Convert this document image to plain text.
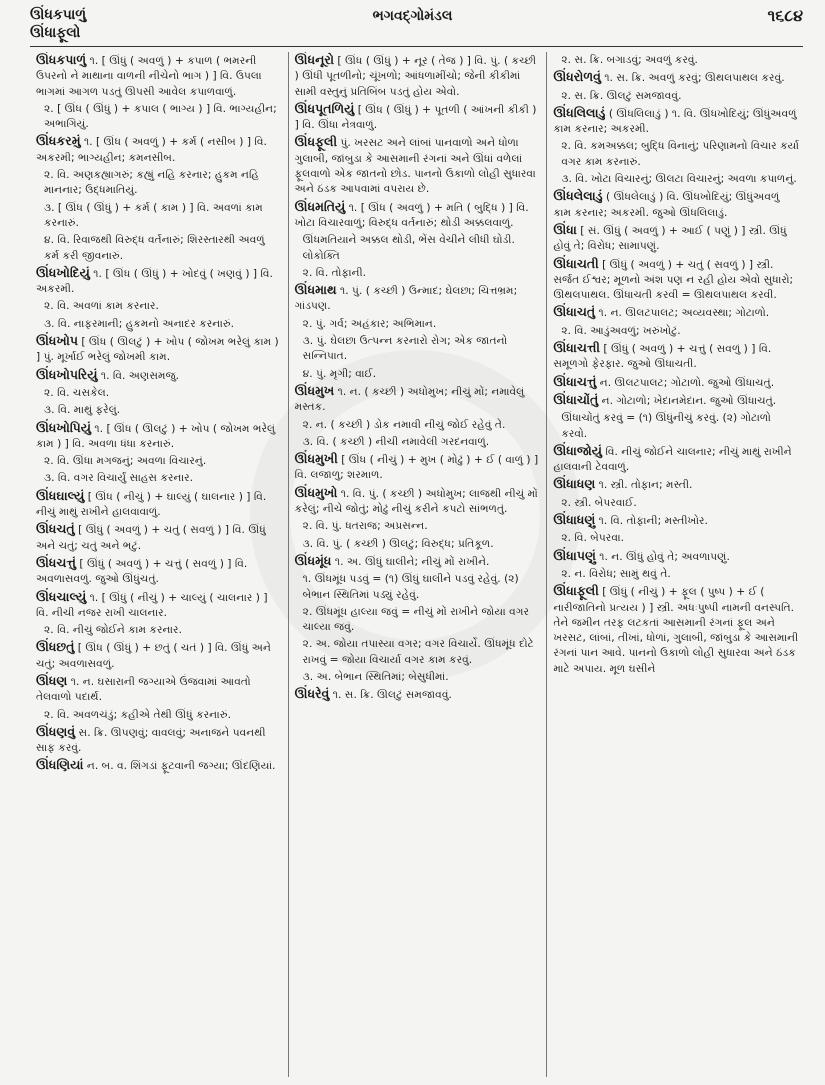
ઊંધકપાળું
ઊંધાફૂલો
ભગવદ્ગોમંડલ	૧૬૮૪
ઊંધકપાળું ૧. [ ઊંધું ( અવળું ) + કપાળ ( ભમરની ઉપરનો ને માથાના વાળની નીચેનો ભાગ ) ] વિ. ઉપલા ભાગમાં આગળ પડતું ઊપસી આવેલ કપાળવાળું.
૨. [ ઊંધ ( ઊંધું ) + કપાલ ( ભાગ્ય ) ] વિ. ભાગ્યહીન; અભાગિયું.
ઊંધકરમું ૧. [ ઊંધ ( અવળું ) + કર્મ ( નસીબ ) ] વિ. અકરમી; ભાગ્યહીન; કમનસીબ.
૨. વિ. અણકહ્યાગરું; કહ્યું નહિ કરનાર; હુકમ નહિ માનનાર; ઉદ્ધમાતિયું.
૩. [ ઊંધ ( ઊંધું ) + કર્મ ( કામ ) ] વિ. અવળાં કામ કરનારું.
૪. વિ. રિવાજથી વિરુદ્ધ વર્તનારું; શિરસ્તારથી અવળું કર્મ કરી જીવનારું.
ઊંધખોદિયું ૧. [ ઊંધ ( ઊંધું ) + ખોદવું ( ખણવું ) ] વિ. અકરમી.
૨. વિ. અવળાં કામ કરનાર.
૩. વિ. નાફરમાની; હુકમનો અનાદર કરનારું.
ઊંધખોપ [ ઊંધ ( ઊલટું ) + ખોપ ( જોખમ ભરેલું કામ ) ] પું. મૂર્ખાઈ ભરેલું જોખમી કામ.
ઊંધખોપરિયું ૧. વિ. અણસમજુ.
૨. વિ. ચસકેલ.
૩. વિ. માથું ફરેલું.
ઊંધખોપિયું ૧. [ ઊંધ ( ઊલટું ) + ખોપ ( જોખમ ભરેલું કામ ) ] વિ. અવળા ધંધા કરનારું.
૨. વિ. ઊંધા મગજનું; અવળા વિચારનું.
૩. વિ. વગર વિચાર્યું સાહસ કરનાર.
ઊંધઘાલ્યું [ ઊંધ ( નીચું ) + ઘાલ્યું ( ઘાલનાર ) ] વિ. નીચું માથું રાખીને હાલવાવાળું.
ઊંધચતું [ ઊંધું ( અવળું ) + ચતું ( સવળું ) ] વિ. ઊંધું અને ચતું; ચતું અને ભટું.
ઊંધચત્તું [ ઊંધું ( અવળું ) + ચત્તું ( સવળું ) ] વિ. અવળાસવળું. જુઓ ઊંધુંચતું.
ઊંધચાલ્યું ૧. [ ઊંધું ( નીચું ) + ચાલ્યું ( ચાલનાર ) ] વિ. નીચી નજર રાખી ચાલનાર.
૨. વિ. નીચું જોઈને કામ કરનાર.
ઊંધછતું [ ઊંધ ( ઊંધું ) + છતું ( ચતં ) ] વિ. ઊંધું અને ચતું; અવળાસવળું.
ઊંધણ ૧. ન. ઘસારાની જગ્યાએ ઉંજવામાં આવતો તેલવાળો પદાર્થ.
૨. વિ. અવળચંડું; કહીએ તેથી ઊંધું કરનારું.
ઊંધણવું સ. ક્રિ. ઊપણવું; વાવલવું; અનાજને પવનથી સાફ કરવું.
ઊંધણિયાં ન. બ. વ. શિંગડાં ફૂટવાની જગ્યા; ઊંદણિયાં.
ઊંધનૂરો [ ઊંધ ( ઊંધું ) + નૂર ( તેજ ) ] વિ. પું. ( કચ્છી ) ઊંધી પૂતળીનો; ચૂંખળો; આંધળામીંચો; જેની કીકીમાં સામી વસ્તુનું પ્રતિબિંબ પડતું હોય એવો.
ઊંધપૂતળિયું [ ઊંધ ( ઊંધું ) + પૂતળી ( આંખની કીકી ) ] વિ. ઊંધા નેત્રવાળું.
ઊંધફૂલી પું. ખરસટ અને લાંબાં પાનવાળો અને ધોળા ગુલાબી, જાંબુડા કે આસમાની રંગનાં અને ઊંધાં વળેલાં ફૂલવાળો એક જાતનો છોડ. પાનનો ઉકાળો લોહી સુધારવા અને ઠંડક આપવામાં વપરાય છે.
ઊંધમતિયું ૧. [ ઊંધ ( અવળું ) + મતિ ( બુદ્ધિ ) ] વિ. ખોટા વિચારવાળું; વિરુદ્ધ વર્તનારું; થોડી અક્કલવાળું.
ઊંધમતિયાને અક્કલ થોડી, ભેંસ વેચીને લીધી ઘોડી. લોકોક્તિ
૨. વિ. તોફાની.
ઊંધમાથ ૧. પું. ( કચ્છી ) ઉન્માદ; ઘેલછા; ચિત્તભ્રમ; ગાંડપણ.
૨. પું. ગર્વ; અહંકાર; અભિમાન.
૩. પું. ઘેલછા ઉત્પન્ન કરનારો રોગ; એક જાતનો સન્નિપાત.
૪. પું. મૃગી; વાઈ.
ઊંધમુખ ૧. ન. ( કચ્છી ) અધોમુખ; નીચું મોં; નમાવેલું મસ્તક.
૨. ન. ( કચ્છી ) ડોક નમાવી નીચું જોઈ રહેવું તે.
૩. વિ. ( કચ્છી ) નીચી નમાવેલી ગરદનવાળું.
ઊંધમુખી [ ઊંધ ( નીચું ) + મુખ ( મોઢું ) + ઈ ( વાળું ) ] વિ. લજાળુ; શરમાળ.
ઊંધમુખો ૧. વિ. પું. ( કચ્છી ) અધોમુખ; લાજથી નીચું મોં કરેલું; નીચે જોતું; મોઢું નીચું કરીને કપટો સાંભળતું.
૨. વિ. પું. ધતરાજ; અપ્રસન્ન.
૩. વિ. પું. ( કચ્છી ) ઊલટું; વિરુદ્ધ; પ્રતિકૂળ.
ઊંધમૂંધ ૧. અ. ઊંધું ઘાલીને; નીચું મોં રાખીને.
૧. ઊંધમૂંધ પડવું = (૧) ઊંધું ઘાલીને પડવું રહેવું. (૨) બેભાન સ્થિતિમાં પડ્યું રહેવું.
૨. ઊંધમૂંધ હાલ્યા જવું = નીચું મોં રાખીને જોયા વગર ચાલ્યા જવું.
૨. અ. જોયા તપાસ્યા વગર; વગર વિચાર્યે. ઊંધમૂંધ દોટે રાખવું = જોયા વિચાર્યા વગર કામ કરવું.
૩. અ. બેભાન સ્થિતિમાં; બેસુધીમાં.
ઊંધરેવું ૧. સ. ક્રિ. ઊલટું સમજાવવું.
૨. સ. ક્રિ. બગાડવું; અવળું કરવું.
ઊંધરોળવું ૧. સ. ક્રિ. અવળું કરવું; ઊથલપાથલ કરવું.
૨. સ. ક્રિ. ઊલટું સમજાવવું.
ઊંધલિલાડું ( ઊંધલિલાડું ) ૧. વિ. ઊંધખોદિયું; ઊંધુંઅવળું કામ કરનાર; અકરમી.
૨. વિ. કમઅક્કલ; બુદ્ધિ વિનાનું; પરિણામનો વિચાર કર્યા વગર કામ કરનારું.
૩. વિ. ખોટા વિચારનું; ઊલટા વિચારનું; અવળા કપાળનું.
ઊંધલેલાડું ( ઊંધલેલાડું ) વિ. ઊંધખોદિયું; ઊંધુંઅવળું કામ કરનાર; અકરમી. જુઓ ઊંધલિલાડું.
ઊંધા [ સં. ઊંધું ( અવળું ) + આઈ ( પણું ) ] સ્ત્રી. ઊંધું હોવું તે; વિરોધ; સામાપણું.
ઊંધાચતી [ ઊંધું ( અવળું ) + ચતું ( સવળું ) ] સ્ત્રી. સર્જત ઈશ્વર; મૂળનો અંશ પણ ન રહી હોય એવો સુધારો; ઊથલપાથલ. ઊંધાચતી કરવી = ઊથલપાથલ કરવી.
ઊંધાચતું ૧. ન. ઊલટપાલટ; અવ્યવસ્થા; ગોટાળો.
૨. વિ. આડુંઅવળું; ખરુંખોટું.
ઊંધાચત્તી [ ઊંધું ( અવળું ) + ચત્તું ( સવળું ) ] વિ. સમૂળગો ફેરફાર. જુઓ ઊંધાચતી.
ઊંધાચત્તું ન. ઊલટપાલટ; ગોટાળો. જુઓ ઊંધાચતું.
ઊંધાચોંતું ન. ગોટાળો; ખેદાનમેદાન. જુઓ ઊંધાચતું.
ઊંધાચોંતું કરવું = (૧) ઊંધુંનીચું કરવું. (૨) ગોટાળો કરવો.
ઊંધાજોયું વિ. નીચું જોઈને ચાલનાર; નીચું માથું રાખીને હાલવાની ટેવવાળું.
ઊંધાધણ ૧. સ્ત્રી. તોફાન; મસ્તી.
૨. સ્ત્રી. બેપરવાઈ.
ઊંધાધણું ૧. વિ. તોફાની; મસ્તીખોર.
૨. વિ. બેપરવા.
ઊંધાપણું ૧. ન. ઊંધું હોવું તે; અવળાપણું.
૨. ન. વિરોધ; સામું થવું તે.
ઊંધાફૂલી [ ઊંધું ( નીચું ) + ફૂલ ( પુષ્પ ) + ઈ ( નારીજાતિનો પ્રત્યય ) ] સ્ત્રી. અધઃપુષ્પી નામની વનસ્પતિ. તેને જમીન તરફ લટકતાં આસમાની રંગનાં ફૂલ અને ખરસટ, લાંબાં, તીખાં, ધોળાં, ગુલાબી, જાંબુડા કે આસમાની રંગનાં પાન આવે. પાનનો ઉકાળો લોહી સુધારવા અને ઠંડક માટે અપાય. મૂળ ઘસીને
